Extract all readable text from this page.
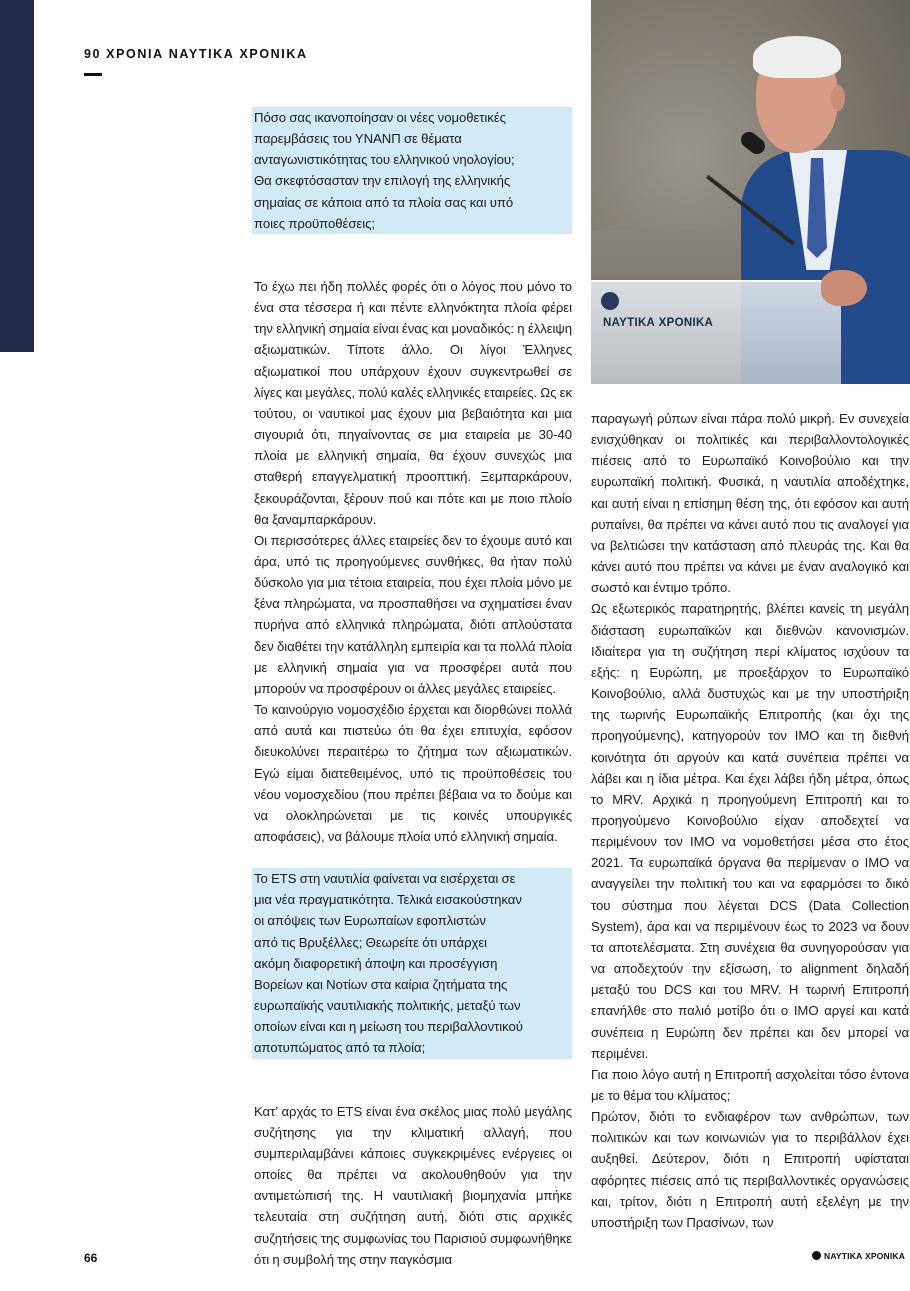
90 ΧΡΟΝΙΑ ΝΑΥΤΙΚΑ ΧΡΟΝΙΚΑ
ΝΑΥΤΙΚΑ ΧΡΟΝΙΚΑ

Πόσο σας ικανοποίησαν οι νέες νομοθετικές

παρεμβάσεις του ΥΝΑΝΠ σε θέματα

ανταγωνιστικότητας του ελληνικού νηολογίου;

Θα σκεφτόσασταν την επιλογή της ελληνικής

σημαίας σε κάποια από τα πλοία σας και υπό

ποιες προϋποθέσεις;

Το έχω πει ήδη πολλές φορές ότι ο λόγος που μόνο το ένα στα τέσσερα ή και πέντε ελληνόκτητα πλοία φέρει την ελληνική σημαία είναι ένας και μοναδικός: η έλλειψη αξιωματικών. Τίποτε άλλο. Οι λίγοι Έλληνες αξιωματικοί που υπάρχουν έχουν συγκεντρωθεί σε λίγες και μεγάλες, πολύ καλές ελληνικές εταιρείες. Ως εκ τούτου, οι ναυτικοί μας έχουν μια βεβαιότητα και μια σιγουριά ότι, πηγαίνοντας σε μια εταιρεία με 30-40 πλοία με ελληνική σημαία, θα έχουν συνεχώς μια σταθερή επαγγελματική προοπτική. Ξεμπαρκάρουν, ξεκουράζονται, ξέρουν πού και πότε και με ποιο πλοίο θα ξαναμπαρκάρουν.

Οι περισσότερες άλλες εταιρείες δεν το έχουμε αυτό και άρα, υπό τις προηγούμενες συνθήκες, θα ήταν πολύ δύσκολο για μια τέτοια εταιρεία, που έχει πλοία μόνο με ξένα πληρώματα, να προσπαθήσει να σχηματίσει έναν πυρήνα από ελληνικά πληρώματα, διότι απλούστατα δεν διαθέτει την κατάλληλη εμπειρία και τα πολλά πλοία με ελληνική σημαία για να προσφέρει αυτά που μπορούν να προσφέρουν οι άλλες μεγάλες εταιρείες.

Το καινούργιο νομοσχέδιο έρχεται και διορθώνει πολλά από αυτά και πιστεύω ότι θα έχει επιτυχία, εφόσον διευκολύνει περαιτέρω το ζήτημα των αξιωματικών. Εγώ είμαι διατεθειμένος, υπό τις προϋποθέσεις του νέου νομοσχεδίου (που πρέπει βέβαια να το δούμε και να ολοκληρώνεται με τις κοινές υπουργικές αποφάσεις), να βάλουμε πλοία υπό ελληνική σημαία.

Το ETS στη ναυτιλία φαίνεται να εισέρχεται σε

μια νέα πραγματικότητα. Τελικά εισακούστηκαν

οι απόψεις των Ευρωπαίων εφοπλιστών

από τις Βρυξέλλες; Θεωρείτε ότι υπάρχει

ακόμη διαφορετική άποψη και προσέγγιση

Βορείων και Νοτίων στα καίρια ζητήματα της

ευρωπαϊκής ναυτιλιακής πολιτικής, μεταξύ των

οποίων είναι και η μείωση του περιβαλλοντικού

αποτυπώματος από τα πλοία;

Κατ’ αρχάς το ETS είναι ένα σκέλος μιας πολύ μεγάλης συζήτησης για την κλιματική αλλαγή, που συμπεριλαμβάνει κάποιες συγκεκριμένες ενέργειες οι οποίες θα πρέπει να ακολουθηθούν για την αντιμετώπισή της. Η ναυτιλιακή βιομηχανία μπήκε τελευταία στη συζήτηση αυτή, διότι στις αρχικές συζητήσεις της συμφωνίας του Παρισιού συμφωνήθηκε ότι η συμβολή της στην παγκόσμια

παραγωγή ρύπων είναι πάρα πολύ μικρή. Εν συνεχεία ενισχύθηκαν οι πολιτικές και περιβαλλοντολογικές πιέσεις από το Ευρωπαϊκό Κοινοβούλιο και την ευρωπαϊκή πολιτική. Φυσικά, η ναυτιλία αποδέχτηκε, και αυτή είναι η επίσημη θέση της, ότι εφόσον και αυτή ρυπαίνει, θα πρέπει να κάνει αυτό που τις αναλογεί για να βελτιώσει την κατάσταση από πλευράς της. Και θα κάνει αυτό που πρέπει να κάνει με έναν αναλογικό και σωστό και έντιμο τρόπο.

Ως εξωτερικός παρατηρητής, βλέπει κανείς τη μεγάλη διάσταση ευρωπαϊκών και διεθνών κανονισμών. Ιδιαίτερα για τη συζήτηση περί κλίματος ισχύουν τα εξής: η Ευρώπη, με προεξάρχον το Ευρωπαϊκό Κοινοβούλιο, αλλά δυστυχώς και με την υποστήριξη της τωρινής Ευρωπαϊκής Επιτροπής (και όχι της προηγούμενης), κατηγορούν τον IMO και τη διεθνή κοινότητα ότι αργούν και κατά συνέπεια πρέπει να λάβει και η ίδια μέτρα. Και έχει λάβει ήδη μέτρα, όπως το MRV. Αρχικά η προηγούμενη Επιτροπή και το προηγούμενο Κοινοβούλιο είχαν αποδεχτεί να περιμένουν τον IMO να νομοθετήσει μέσα στο έτος 2021. Τα ευρωπαϊκά όργανα θα περίμεναν ο IMO να αναγγείλει την πολιτική του και να εφαρμόσει το δικό του σύστημα που λέγεται DCS (Data Collection System), άρα και να περιμένουν έως το 2023 να δουν τα αποτελέσματα. Στη συνέχεια θα συνηγορούσαν για να αποδεχτούν την εξίσωση, το alignment δηλαδή μεταξύ του DCS και του MRV. Η τωρινή Επιτροπή επανήλθε στο παλιό μοτίβο ότι ο IMO αργεί και κατά συνέπεια η Ευρώπη δεν πρέπει και δεν μπορεί να περιμένει.

Για ποιο λόγο αυτή η Επιτροπή ασχολείται τόσο έντονα με το θέμα του κλίματος;

Πρώτον, διότι το ενδιαφέρον των ανθρώπων, των πολιτικών και των κοινωνιών για το περιβάλλον έχει αυξηθεί. Δεύτερον, διότι η Επιτροπή υφίσταται αφόρητες πιέσεις από τις περιβαλλοντικές οργανώσεις και, τρίτον, διότι η Επιτροπή αυτή εξελέγη με την υποστήριξη των Πρασίνων, των

66	ΝΑΥΤΙΚΑ ΧΡΟΝΙΚΑ
